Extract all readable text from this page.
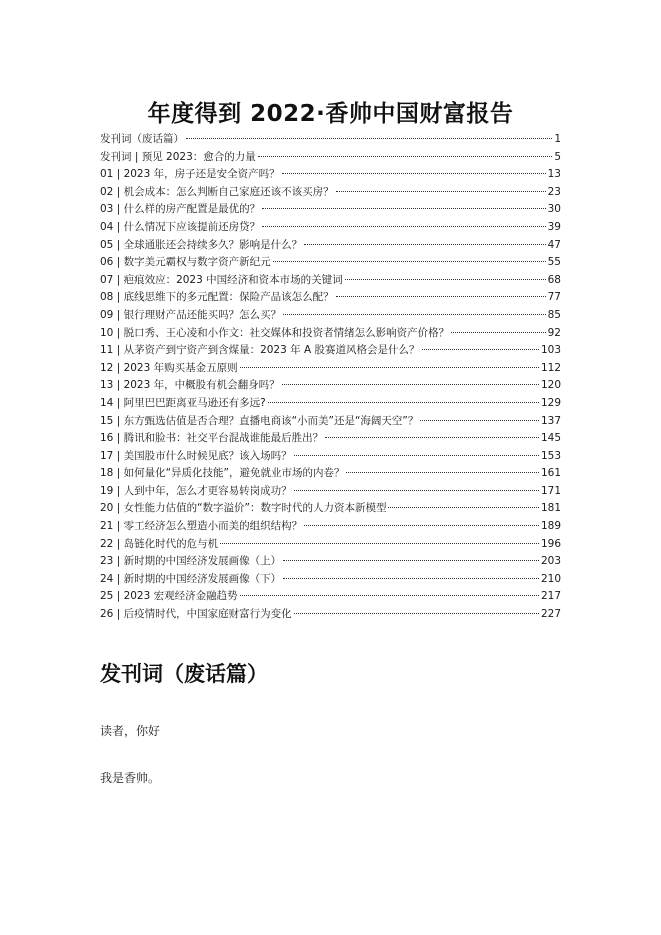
年度得到 2022·香帅中国财富报告
发刊词（废话篇）	1
发刊词 | 预见 2023：愈合的力量	5
01 | 2023 年，房子还是安全资产吗？	13
02 | 机会成本：怎么判断自己家庭还该不该买房？	23
03 | 什么样的房产配置是最优的？	30
04 | 什么情况下应该提前还房贷？	39
05 | 全球通胀还会持续多久？影响是什么？	47
06 | 数字美元霸权与数字资产新纪元	55
07 | 疤痕效应：2023 中国经济和资本市场的关键词	68
08 | 底线思维下的多元配置：保险产品该怎么配？	77
09 | 银行理财产品还能买吗？怎么买？	85
10 | 脱口秀、王心凌和小作文：社交媒体和投资者情绪怎么影响资产价格？	92
11 | 从茅资产到宁资产到含煤量：2023 年 A 股赛道风格会是什么？	103
12 | 2023 年购买基金五原则	112
13 | 2023 年，中概股有机会翻身吗？	120
14 | 阿里巴巴距离亚马逊还有多远?	129
15 | 东方甄选估值是否合理？直播电商该“小而美”还是“海阔天空”？	137
16 | 腾讯和脸书：社交平台混战谁能最后胜出？	145
17 | 美国股市什么时候见底？该入场吗？	153
18 | 如何量化“异质化技能”，避免就业市场的内卷？	161
19 | 人到中年，怎么才更容易转岗成功？	171
20 | 女性能力估值的“数字溢价”：数字时代的人力资本新模型	181
21 | 零工经济怎么塑造小而美的组织结构？	189
22 | 岛链化时代的危与机	196
23 | 新时期的中国经济发展画像（上）	203
24 | 新时期的中国经济发展画像（下）	210
25 | 2023 宏观经济金融趋势	217
26 | 后疫情时代，中国家庭财富行为变化	227
发刊词（废话篇）

读者，你好

我是香帅。
